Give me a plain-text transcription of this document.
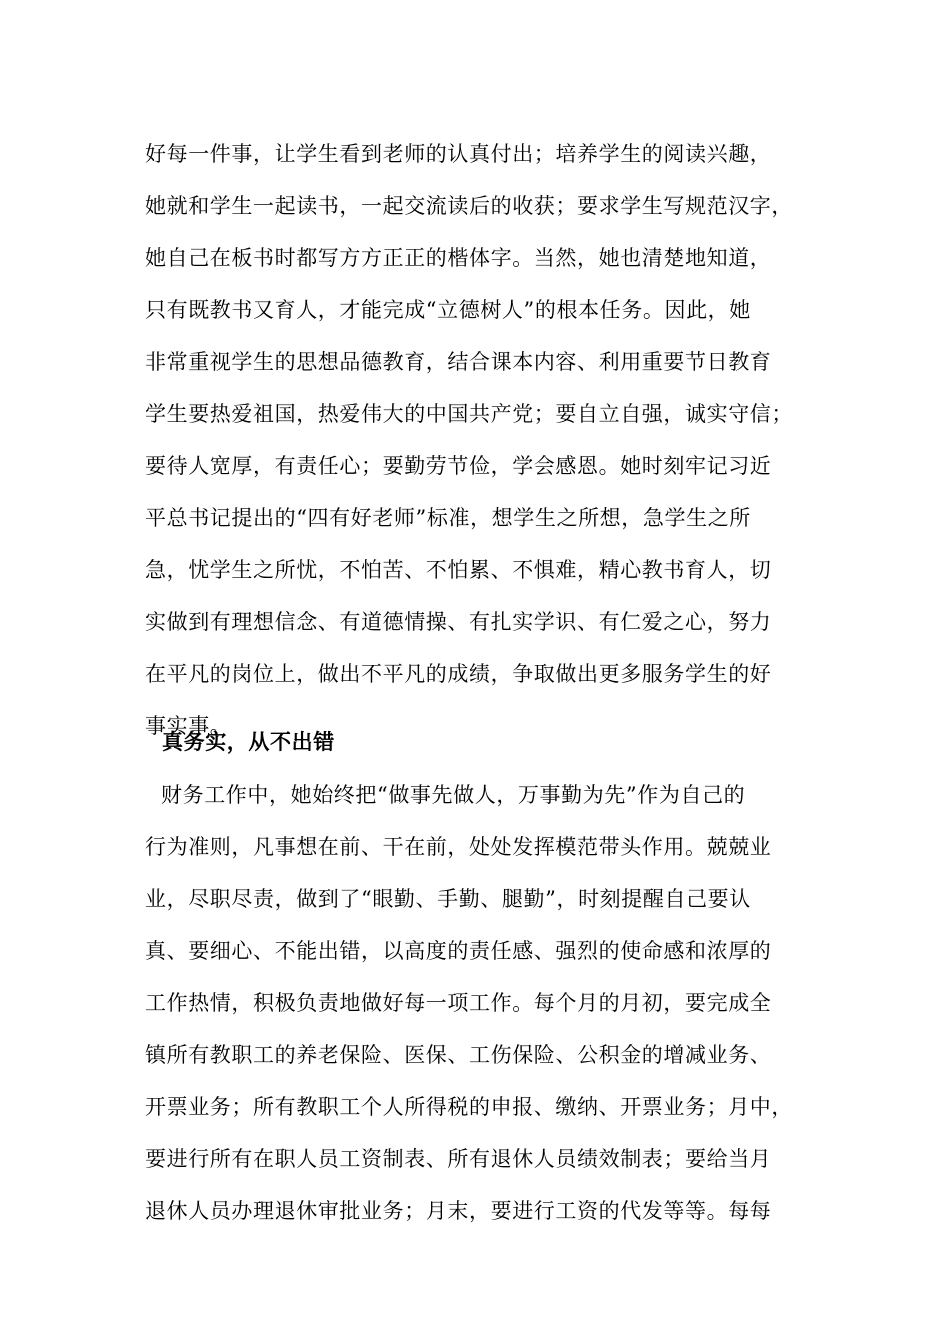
好每一件事，让学生看到老师的认真付出；培养学生的阅读兴趣，
她就和学生一起读书，一起交流读后的收获；要求学生写规范汉字，
她自己在板书时都写方方正正的楷体字。当然，她也清楚地知道，
只有既教书又育人，才能完成“立德树人”的根本任务。因此，她
非常重视学生的思想品德教育，结合课本内容、利用重要节日教育
学生要热爱祖国，热爱伟大的中国共产党；要自立自强，诚实守信；
要待人宽厚，有责任心；要勤劳节俭，学会感恩。她时刻牢记习近
平总书记提出的“四有好老师”标准，想学生之所想，急学生之所
急，忧学生之所忧，不怕苦、不怕累、不惧难，精心教书育人，切
实做到有理想信念、有道德情操、有扎实学识、有仁爱之心，努力
在平凡的岗位上，做出不平凡的成绩，争取做出更多服务学生的好
事实事。
真务实，从不出错
财务工作中，她始终把“做事先做人，万事勤为先”作为自己的
行为准则，凡事想在前、干在前，处处发挥模范带头作用。兢兢业
业，尽职尽责，做到了“眼勤、手勤、腿勤”，时刻提醒自己要认
真、要细心、不能出错，以高度的责任感、强烈的使命感和浓厚的
工作热情，积极负责地做好每一项工作。每个月的月初，要完成全
镇所有教职工的养老保险、医保、工伤保险、公积金的增减业务、
开票业务；所有教职工个人所得税的申报、缴纳、开票业务；月中，
要进行所有在职人员工资制表、所有退休人员绩效制表；要给当月
退休人员办理退休审批业务；月末，要进行工资的代发等等。每每
